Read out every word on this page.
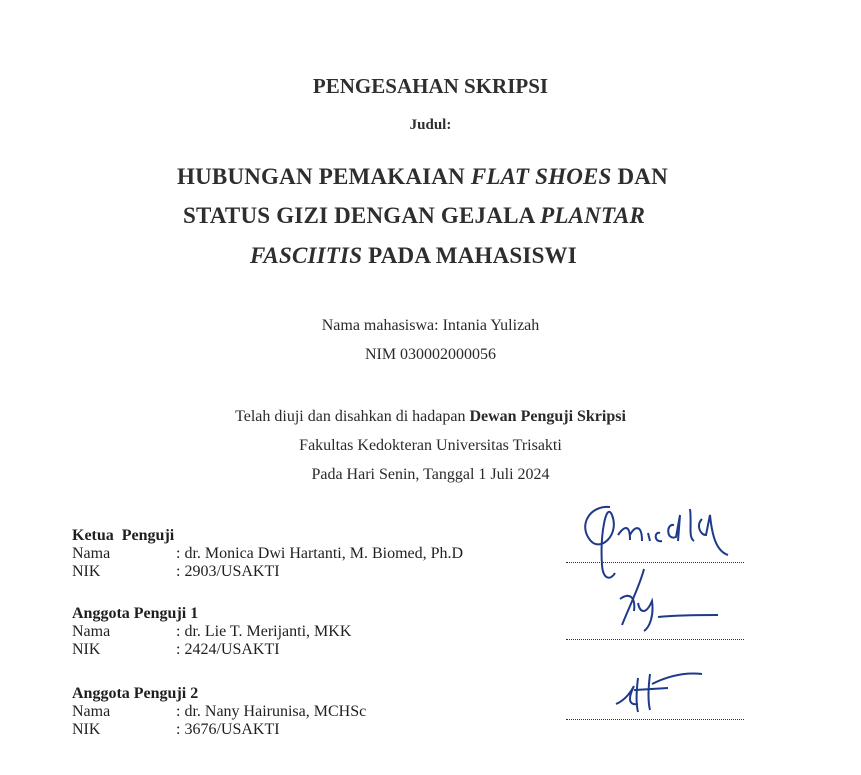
PENGESAHAN SKRIPSI
Judul:
HUBUNGAN PEMAKAIAN FLAT SHOES DAN
STATUS GIZI DENGAN GEJALA PLANTAR
FASCIITIS PADA MAHASISWI
Nama mahasiswa: Intania Yulizah
NIM 030002000056
Telah diuji dan disahkan di hadapan Dewan Penguji Skripsi
Fakultas Kedokteran Universitas Trisakti
Pada Hari Senin, Tanggal 1 Juli 2024
Ketua  Penguji
Nama	: dr. Monica Dwi Hartanti, M. Biomed, Ph.D
NIK	: 2903/USAKTI
Anggota Penguji 1
Nama	: dr. Lie T. Merijanti, MKK
NIK	: 2424/USAKTI
Anggota Penguji 2
Nama	: dr. Nany Hairunisa, MCHSc
NIK	: 3676/USAKTI
